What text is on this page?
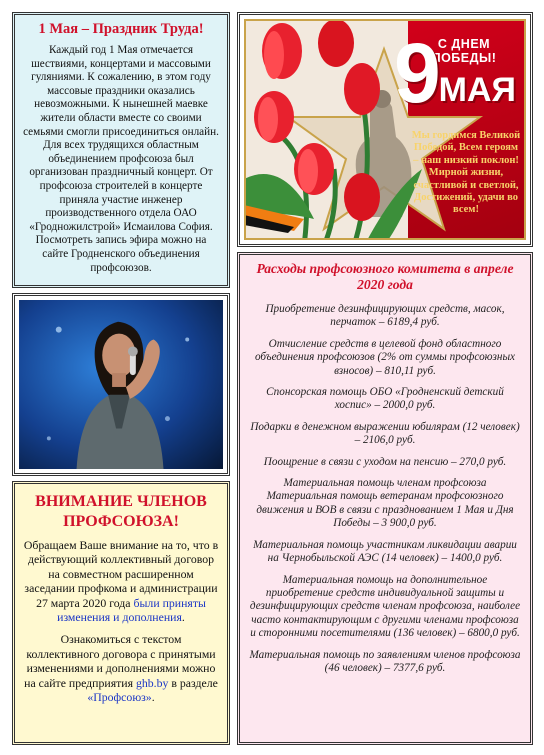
1 Мая – Праздник Труда!

Каждый год 1 Мая отмечается шествиями, концертами и массовыми гуляниями. К сожалению, в этом году массовые праздники оказались невозможными. К нынешней маевке жители области вместе со своими семьями смогли присоединиться онлайн. Для всех трудящихся областным объединением профсоюза был организован праздничный концерт. От профсоюза строителей в концерте приняла участие инженер производственного отдела ОАО «Гродножилстрой» Исмаилова София. Посмотреть запись эфира можно на сайте Гродненского объединения профсоюзов.

С ДНЕМ ПОБЕДЫ!
9
МАЯ
Мы гордимся Великой Победой, Всем героям – наш низкий поклон! Мирной жизни, счастливой и светлой, Достижений, удачи во всем!
ВНИМАНИЕ ЧЛЕНОВ ПРОФСОЮЗА!

Обращаем Ваше внимание на то, что в действующий коллективный договор на совместном расширенном заседании профкома и администрации 27 марта 2020 года были приняты изменения и дополнения.

Ознакомиться с текстом коллективного договора с принятыми изменениями и дополнениями можно на сайте предприятия ghb.by в разделе «Профсоюз».

Расходы профсоюзного комитета в апреле 2020 года
Приобретение дезинфицирующих средств, масок, перчаток – 6189,4 руб.
Отчисление средств в целевой фонд областного объединения профсоюзов (2% от суммы профсоюзных взносов) – 810,11 руб.
Спонсорская помощь ОБО «Гродненский детский хоспис» – 2000,0 руб.
Подарки в денежном выражении юбилярам (12 человек) – 2106,0 руб.
Поощрение в связи с уходом на пенсию – 270,0 руб.
Материальная помощь членам профсоюза Материальная помощь ветеранам профсоюзного движения и ВОВ в связи с празднованием 1 Мая и Дня Победы – 3 900,0 руб.
Материальная помощь участникам ликвидации аварии на Чернобыльской АЭС (14 человек) – 1400,0 руб.
Материальная помощь на дополнительное приобретение средств индивидуальной защиты и дезинфицирующих средств членам профсоюза, наиболее часто контактирующим с другими членами профсоюза и сторонними посетителями (136 человек) – 6800,0 руб.
Материальная помощь по заявлениям членов профсоюза (46 человек) – 7377,6 руб.
